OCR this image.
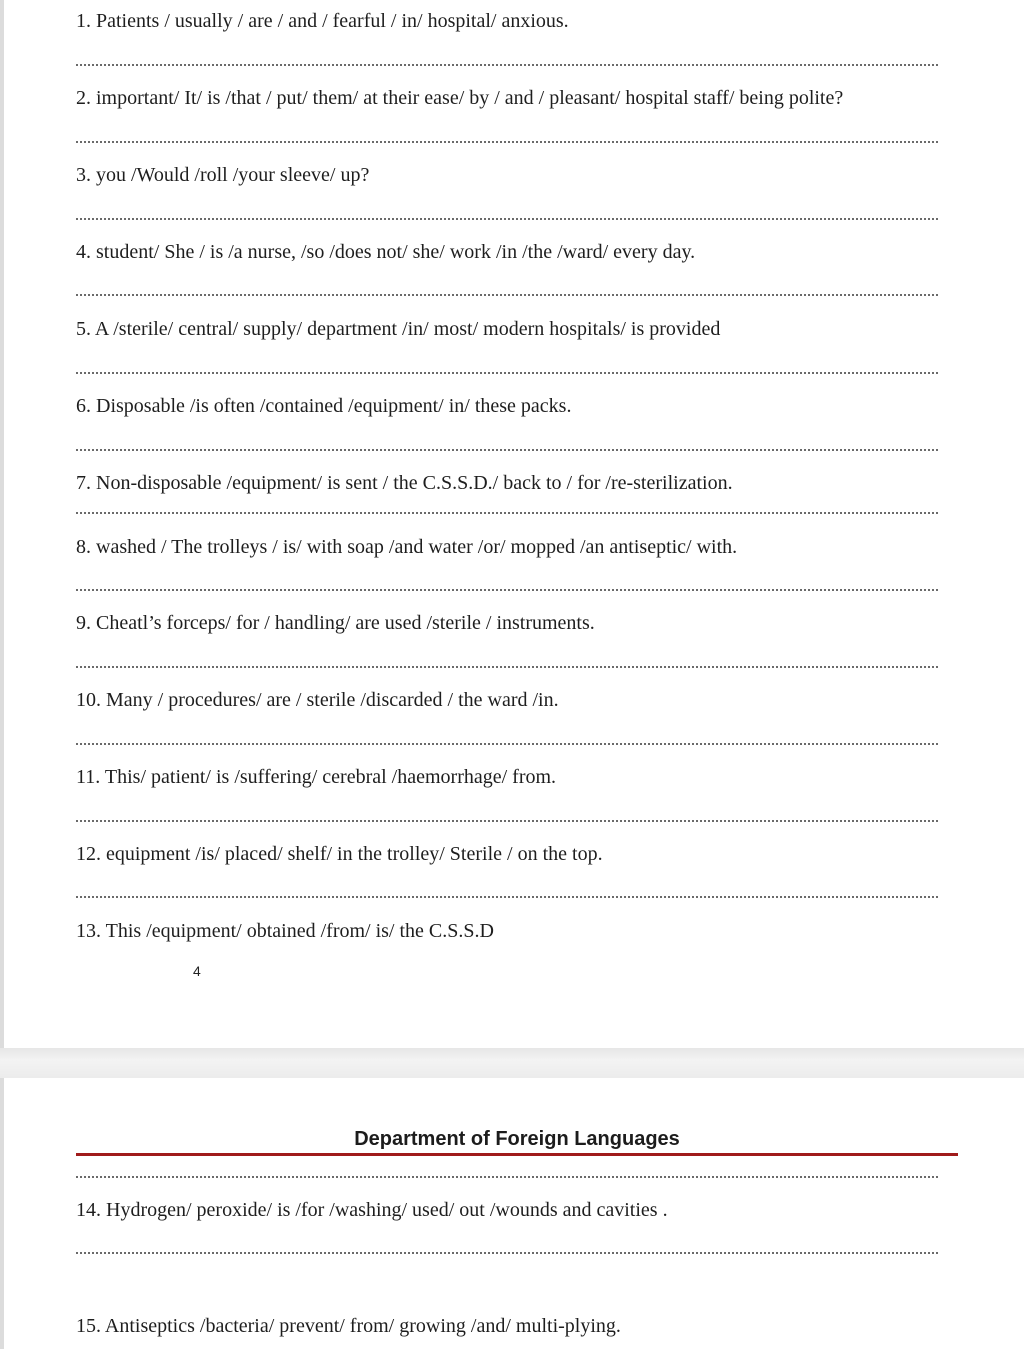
1. Patients / usually / are / and / fearful / in/ hospital/ anxious.
2. important/ It/ is /that / put/ them/ at their ease/ by / and / pleasant/ hospital staff/ being polite?
3. you /Would /roll /your sleeve/ up?
4. student/ She / is /a nurse, /so /does not/ she/ work /in /the /ward/ every day.
5. A /sterile/ central/ supply/ department /in/ most/ modern hospitals/ is provided
6. Disposable /is often /contained /equipment/ in/ these packs.
7. Non-disposable /equipment/ is sent / the C.S.S.D./ back to / for /re-sterilization.
8. washed / The trolleys / is/ with soap /and water /or/ mopped /an antiseptic/ with.
9. Cheatl’s forceps/ for / handling/ are used /sterile / instruments.
10. Many / procedures/ are / sterile /discarded / the ward /in.
11. This/ patient/ is /suffering/ cerebral /haemorrhage/ from.
12. equipment /is/ placed/ shelf/ in the trolley/ Sterile / on the top.
13. This /equipment/ obtained /from/ is/ the C.S.S.D
4
Department of Foreign Languages
14. Hydrogen/ peroxide/ is /for /washing/ used/ out /wounds and cavities .
15. Antiseptics /bacteria/ prevent/ from/ growing /and/ multi-plying.
